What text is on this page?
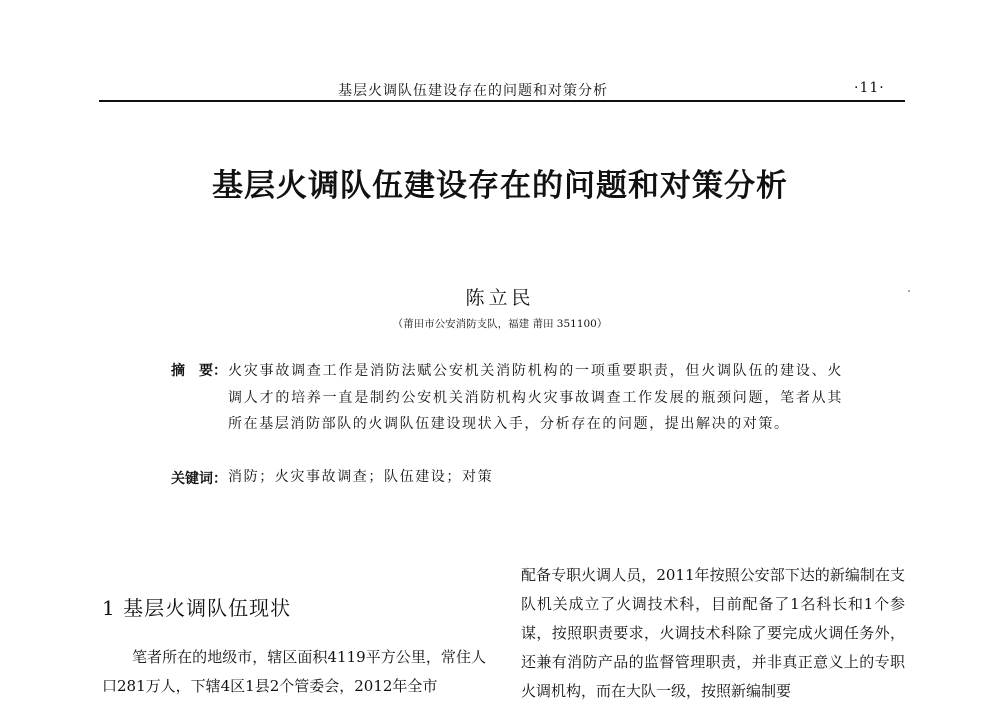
基层火调队伍建设存在的问题和对策分析	·11·
基层火调队伍建设存在的问题和对策分析
陈立民
（莆田市公安消防支队，福建 莆田 351100）
摘　要： 火灾事故调查工作是消防法赋公安机关消防机构的一项重要职责，但火调队伍的建设、火调人才的培养一直是制约公安机关消防机构火灾事故调查工作发展的瓶颈问题，笔者从其所在基层消防部队的火调队伍建设现状入手，分析存在的问题，提出解决的对策。
关键词： 消防；火灾事故调查；队伍建设；对策
1 基层火调队伍现状
笔者所在的地级市，辖区面积4119平方公里，常住人口281万人，下辖4区1县2个管委会，2012年全市
配备专职火调人员，2011年按照公安部下达的新编制在支队机关成立了火调技术科，目前配备了1名科长和1个参谋，按照职责要求，火调技术科除了要完成火调任务外，还兼有消防产品的监督管理职责，并非真正意义上的专职火调机构，而在大队一级，按照新编制要
